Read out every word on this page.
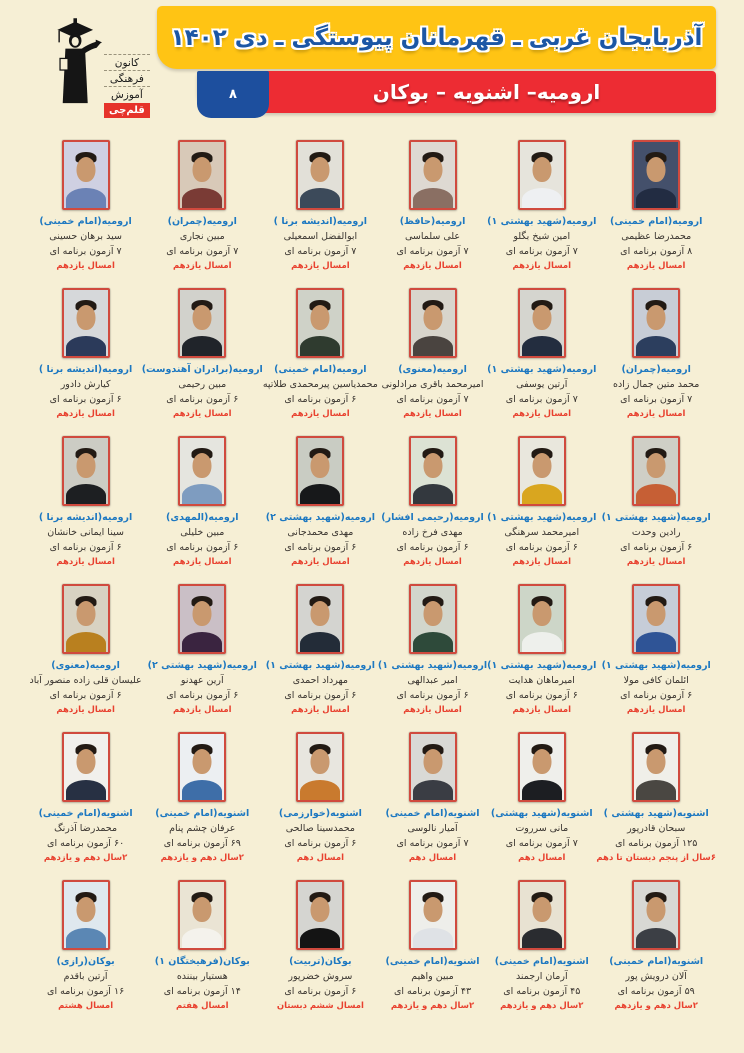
کانون
فرهنگی
آموزش
قلم‌چی
آذربایجان غربی ـ قهرمانان پیوستگی ـ دی ۱۴۰۲
ارومیه– اشنویه – بوکان
۸
ارومیه(امام خمینی)
محمدرضا عظیمی
۸ آزمون برنامه ای
امسال یازدهم
ارومیه(شهید بهشتی ۱)
امین شیخ بگلو
۷ آزمون برنامه ای
امسال یازدهم
ارومیه(حافظ)
علی سلماسی
۷ آزمون برنامه ای
امسال یازدهم
ارومیه(اندیشه برنا )
ابوالفضل اسمعیلی
۷ آزمون برنامه ای
امسال یازدهم
ارومیه(چمران)
مبین نجاری
۷ آزمون برنامه ای
امسال یازدهم
ارومیه(امام خمینی)
سید برهان حسینی
۷ آزمون برنامه ای
امسال یازدهم
ارومیه(چمران)
محمد متین جمال زاده
۷ آزمون برنامه ای
امسال یازدهم
ارومیه(شهید بهشتی ۱)
آرتین یوسفی
۷ آزمون برنامه ای
امسال یازدهم
ارومیه(معنوی)
امیرمحمد باقری مرادلونی
۷ آزمون برنامه ای
امسال یازدهم
ارومیه(امام خمینی)
محمدیاسین پیرمحمدی طلاتپه
۶ آزمون برنامه ای
امسال یازدهم
ارومیه(برادران آهندوست)
مبین رحیمی
۶ آزمون برنامه ای
امسال یازدهم
ارومیه(اندیشه برنا )
کیارش دادور
۶ آزمون برنامه ای
امسال یازدهم
ارومیه(شهید بهشتی ۱)
رادین وحدت
۶ آزمون برنامه ای
امسال یازدهم
ارومیه(شهید بهشتی ۱)
امیرمحمد سرهنگی
۶ آزمون برنامه ای
امسال یازدهم
ارومیه(رحیمی افشار)
مهدی فرخ زاده
۶ آزمون برنامه ای
امسال یازدهم
ارومیه(شهید بهشتی ۲)
مهدی محمدجانی
۶ آزمون برنامه ای
امسال یازدهم
ارومیه(المهدی)
مبین خلیلی
۶ آزمون برنامه ای
امسال یازدهم
ارومیه(اندیشه برنا )
سینا ایمانی خانشان
۶ آزمون برنامه ای
امسال یازدهم
ارومیه(شهید بهشتی ۱)
ائلمان کافی مولا
۶ آزمون برنامه ای
امسال یازدهم
ارومیه(شهید بهشتی ۱)
امیرماهان هدایت
۶ آزمون برنامه ای
امسال یازدهم
ارومیه(شهید بهشتی ۱)
امیر عبدالهی
۶ آزمون برنامه ای
امسال یازدهم
ارومیه(شهید بهشتی ۱)
مهرداد احمدی
۶ آزمون برنامه ای
امسال یازدهم
ارومیه(شهید بهشتی ۲)
آرین عهدنو
۶ آزمون برنامه ای
امسال یازدهم
ارومیه(معنوی)
علیسان قلی زاده منصور آباد
۶ آزمون برنامه ای
امسال یازدهم
اشنویه(شهید بهشتی )
سبحان قادرپور
۱۲۵ آزمون برنامه ای
۶سال از پنجم دبستان تا دهم
اشنویه(شهید بهشتی)
مانی سرروت
۷ آزمون برنامه ای
امسال دهم
اشنویه(امام خمینی)
آمیار نالوسی
۷ آزمون برنامه ای
امسال دهم
اشنویه(خوارزمی)
محمدسینا صالحی
۶ آزمون برنامه ای
امسال دهم
اشنویه(امام خمینی)
عرفان چشم پنام
۶۹ آزمون برنامه ای
۲سال دهم و یازدهم
اشنویه(امام خمینی)
محمدرضا آذرنگ
۶۰ آزمون برنامه ای
۲سال دهم و یازدهم
اشنویه(امام خمینی)
آلان درویش پور
۵۹ آزمون برنامه ای
۲سال دهم و یازدهم
اشنویه(امام خمینی)
آرمان ارجمند
۴۵ آزمون برنامه ای
۲سال دهم و یازدهم
اشنویه(امام خمینی)
مبین واهیم
۴۳ آزمون برنامه ای
۲سال دهم و یازدهم
بوکان(تربیت)
سروش خضرپور
۶ آزمون برنامه ای
امسال ششم دبستان
بوکان(فرهیختگان ۱)
هستیار بیننده
۱۴ آزمون برنامه ای
امسال هفتم
بوکان(رازی)
آرتین باقدم
۱۶ آزمون برنامه ای
امسال هشتم
